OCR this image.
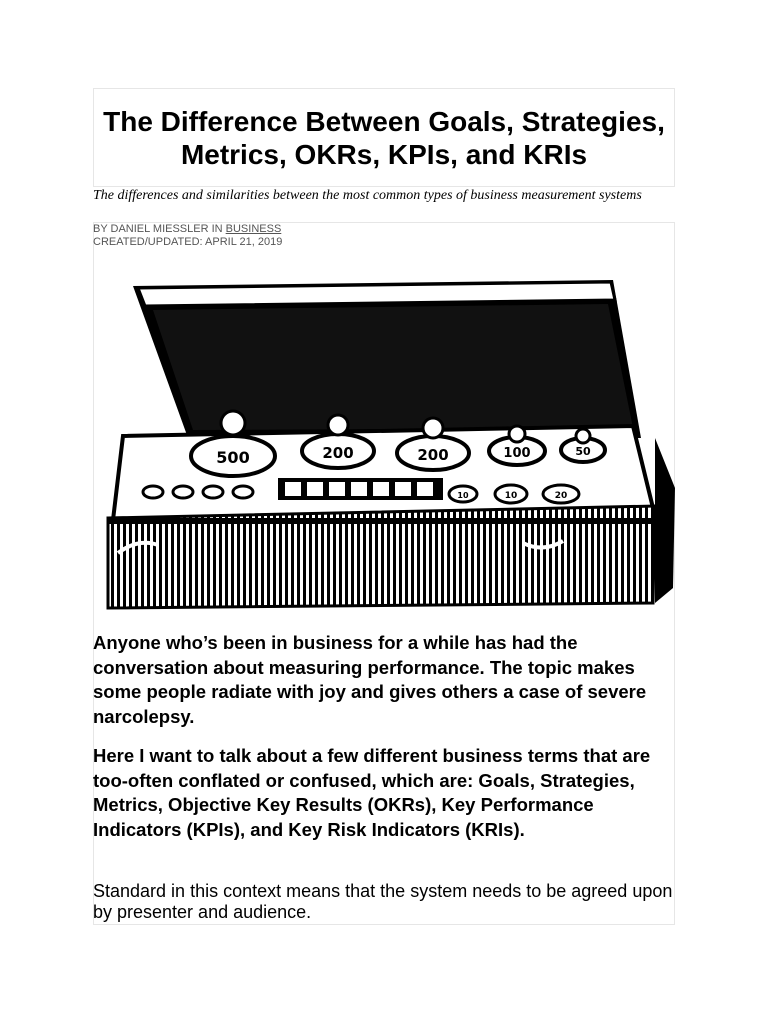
The Difference Between Goals, Strategies, Metrics, OKRs, KPIs, and KRIs
The differences and similarities between the most common types of business measurement systems
BY DANIEL MIESSLER IN BUSINESS
CREATED/UPDATED: APRIL 21, 2019
500	200	200	100	50
10	10	20

Anyone who’s been in business for a while has had the conversation about measuring performance. The topic makes some people radiate with joy and gives others a case of severe narcolepsy.

Here I want to talk about a few different business terms that are too-often conflated or confused, which are: Goals, Strategies, Metrics, Objective Key Results (OKRs), Key Performance Indicators (KPIs), and Key Risk Indicators (KRIs).

Standard in this context means that the system needs to be agreed upon by presenter and audience.
